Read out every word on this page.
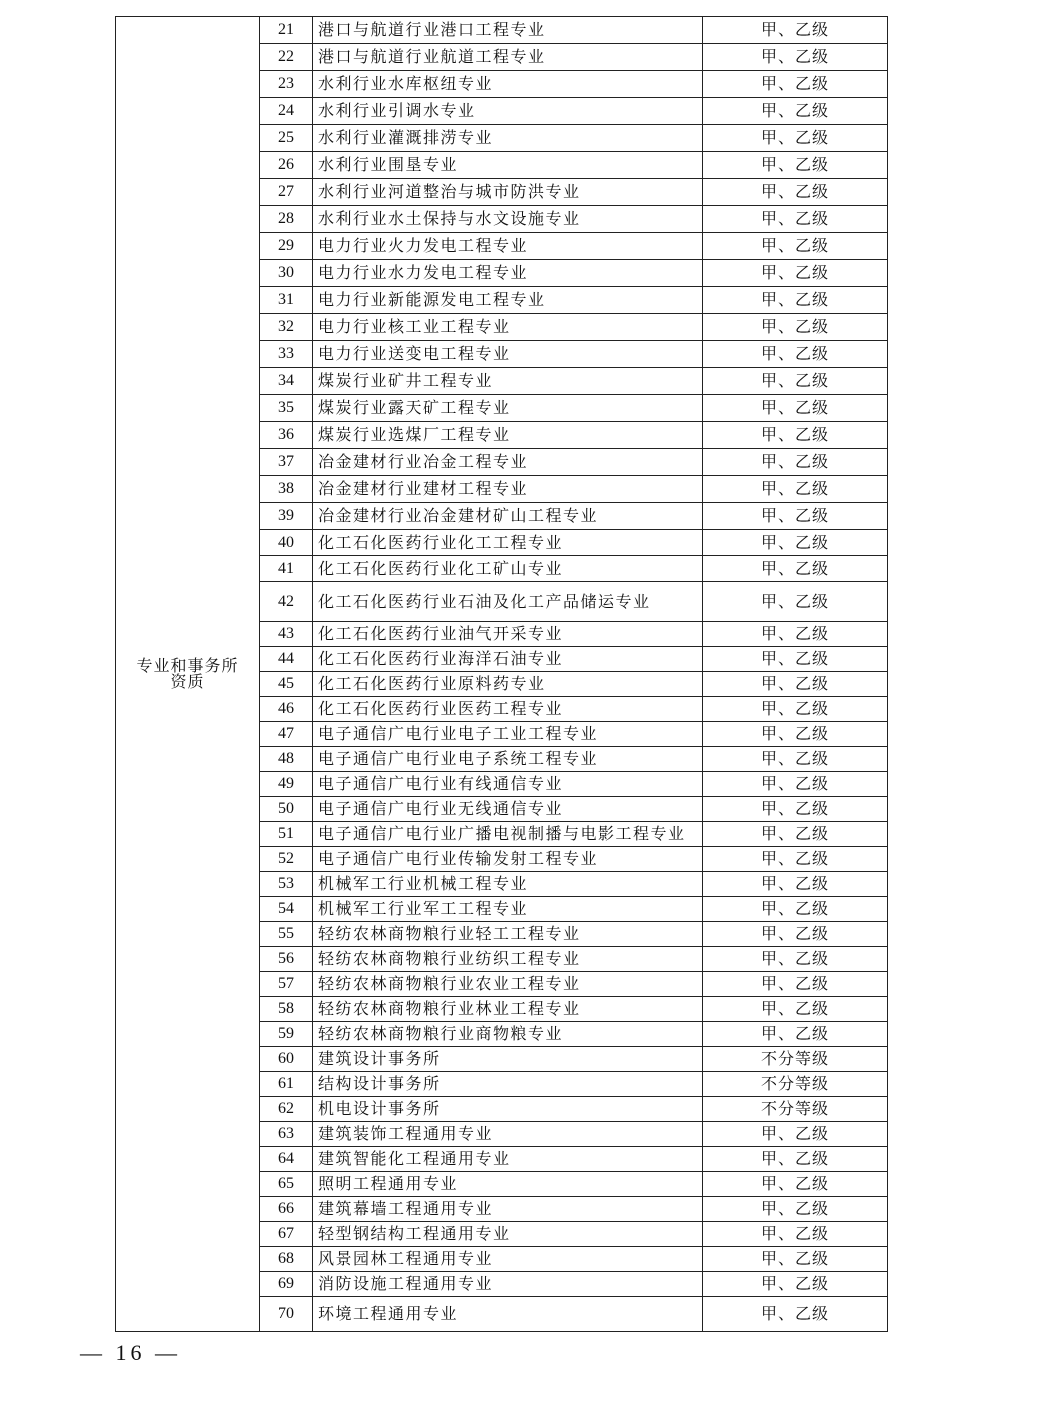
专业和事务所
资质	21	港口与航道行业港口工程专业	甲、乙级
	22	港口与航道行业航道工程专业	甲、乙级
	23	水利行业水库枢纽专业	甲、乙级
	24	水利行业引调水专业	甲、乙级
	25	水利行业灌溉排涝专业	甲、乙级
	26	水利行业围垦专业	甲、乙级
	27	水利行业河道整治与城市防洪专业	甲、乙级
	28	水利行业水土保持与水文设施专业	甲、乙级
	29	电力行业火力发电工程专业	甲、乙级
	30	电力行业水力发电工程专业	甲、乙级
	31	电力行业新能源发电工程专业	甲、乙级
	32	电力行业核工业工程专业	甲、乙级
	33	电力行业送变电工程专业	甲、乙级
	34	煤炭行业矿井工程专业	甲、乙级
	35	煤炭行业露天矿工程专业	甲、乙级
	36	煤炭行业选煤厂工程专业	甲、乙级
	37	冶金建材行业冶金工程专业	甲、乙级
	38	冶金建材行业建材工程专业	甲、乙级
	39	冶金建材行业冶金建材矿山工程专业	甲、乙级
	40	化工石化医药行业化工工程专业	甲、乙级
	41	化工石化医药行业化工矿山专业	甲、乙级
	42	化工石化医药行业石油及化工产品储运专业	甲、乙级
	43	化工石化医药行业油气开采专业	甲、乙级
	44	化工石化医药行业海洋石油专业	甲、乙级
	45	化工石化医药行业原料药专业	甲、乙级
	46	化工石化医药行业医药工程专业	甲、乙级
	47	电子通信广电行业电子工业工程专业	甲、乙级
	48	电子通信广电行业电子系统工程专业	甲、乙级
	49	电子通信广电行业有线通信专业	甲、乙级
	50	电子通信广电行业无线通信专业	甲、乙级
	51	电子通信广电行业广播电视制播与电影工程专业	甲、乙级
	52	电子通信广电行业传输发射工程专业	甲、乙级
	53	机械军工行业机械工程专业	甲、乙级
	54	机械军工行业军工工程专业	甲、乙级
	55	轻纺农林商物粮行业轻工工程专业	甲、乙级
	56	轻纺农林商物粮行业纺织工程专业	甲、乙级
	57	轻纺农林商物粮行业农业工程专业	甲、乙级
	58	轻纺农林商物粮行业林业工程专业	甲、乙级
	59	轻纺农林商物粮行业商物粮专业	甲、乙级
	60	建筑设计事务所	不分等级
	61	结构设计事务所	不分等级
	62	机电设计事务所	不分等级
	63	建筑装饰工程通用专业	甲、乙级
	64	建筑智能化工程通用专业	甲、乙级
	65	照明工程通用专业	甲、乙级
	66	建筑幕墙工程通用专业	甲、乙级
	67	轻型钢结构工程通用专业	甲、乙级
	68	风景园林工程通用专业	甲、乙级
	69	消防设施工程通用专业	甲、乙级
	70	环境工程通用专业	甲、乙级
— 16 —
